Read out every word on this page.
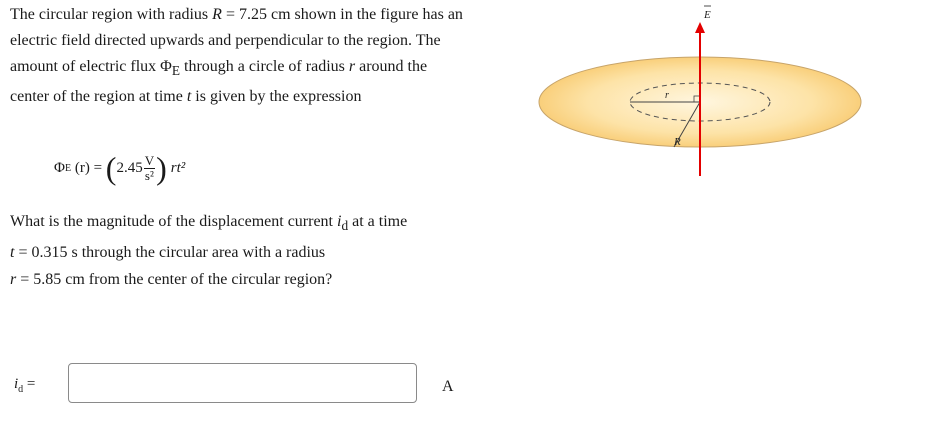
The circular region with radius R = 7.25 cm shown in the figure has an electric field directed upwards and perpendicular to the region. The amount of electric flux $\Phi_E$ through a circle of radius r around the center of the region at time t is given by the expression

Φ E (r) = ( $2.45 \frac{V}{\text{s²}}$ ) rt²
What is the magnitude of the displacement current $i_d$ at a time
t = 0.315 s through the circular area with a radius
r = 5.85 cm from the center of the circular region?
$i_d$ =	A
r
R
E
